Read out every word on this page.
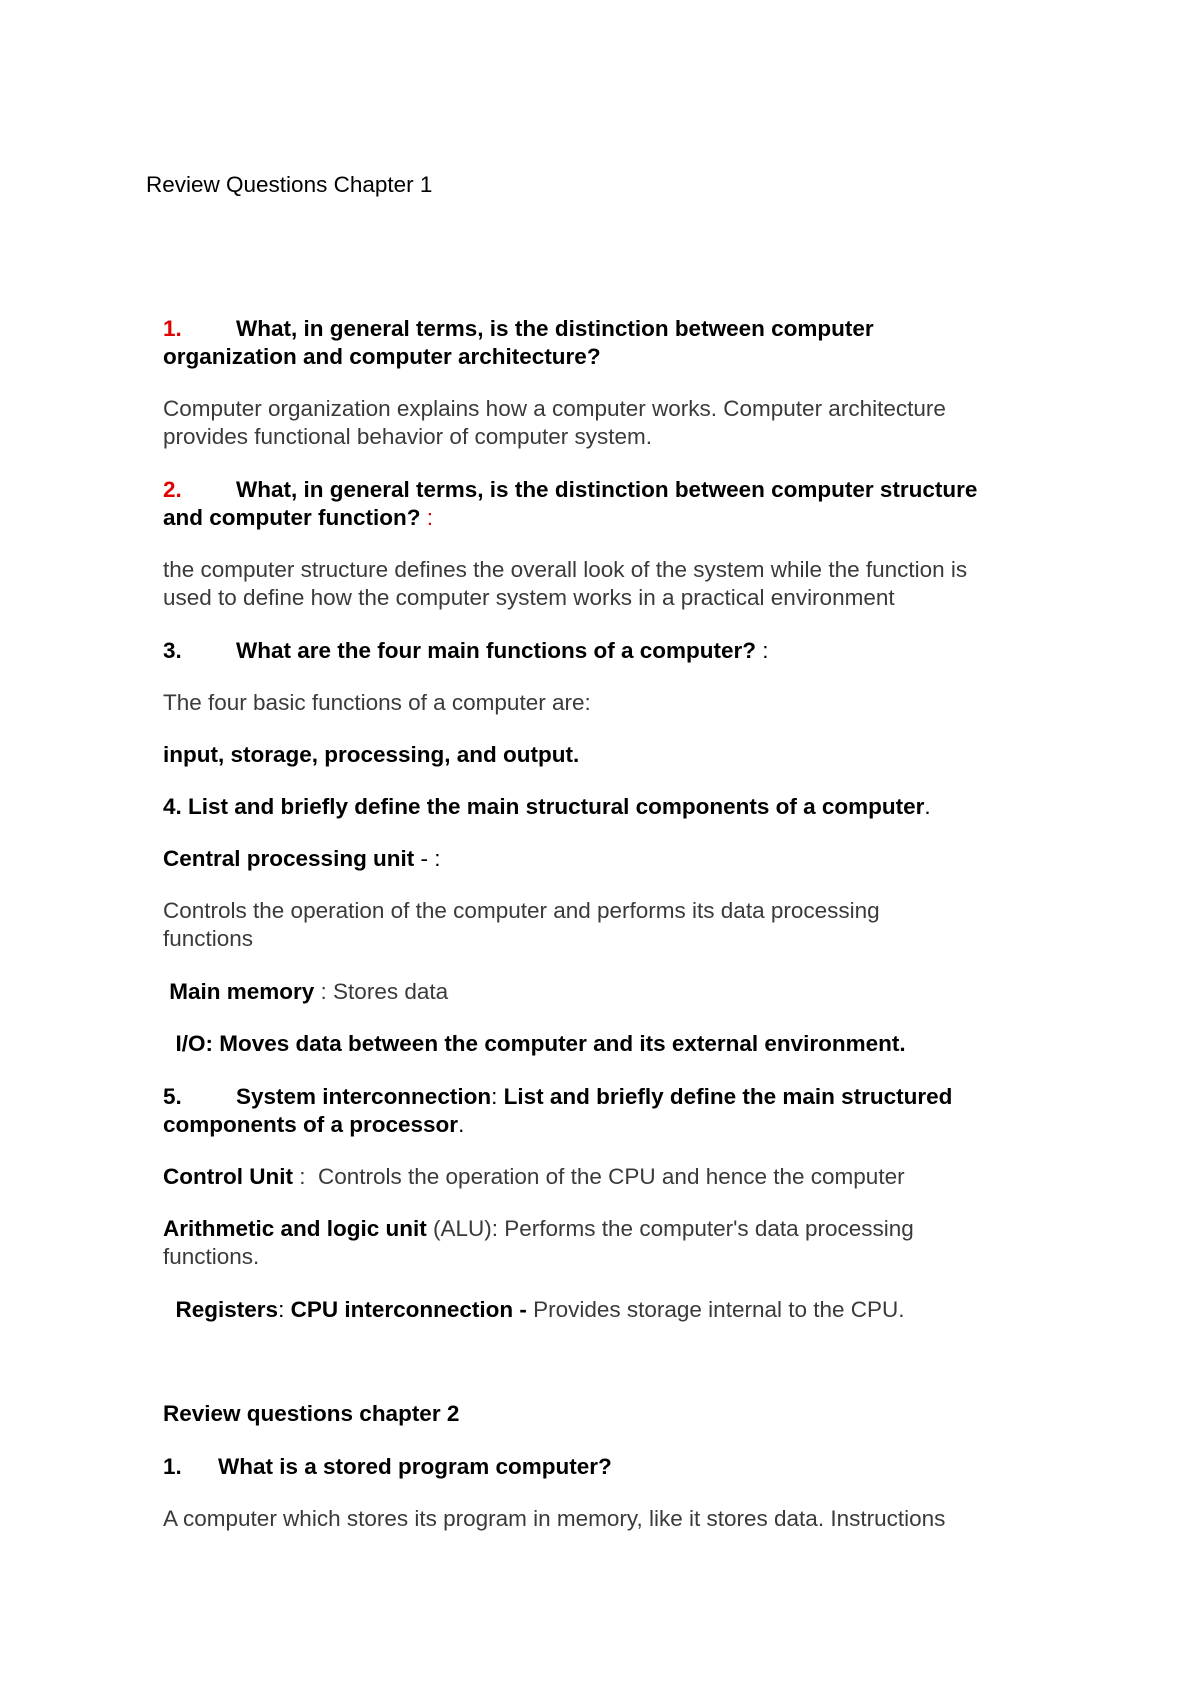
Review Questions Chapter 1

1. What, in general terms, is the distinction between computer

organization and computer architecture?

Computer organization explains how a computer works. Computer architecture

provides functional behavior of computer system.

2. What, in general terms, is the distinction between computer structure

and computer function? :

the computer structure defines the overall look of the system while the function is

used to define how the computer system works in a practical environment

3. What are the four main functions of a computer? :

The four basic functions of a computer are:

input, storage, processing, and output.

4. List and briefly define the main structural components of a computer.

Central processing unit - :

Controls the operation of the computer and performs its data processing

functions

Main memory : Stores data

I/O: Moves data between the computer and its external environment.

5. System interconnection: List and briefly define the main structured

components of a processor.

Control Unit :  Controls the operation of the CPU and hence the computer

Arithmetic and logic unit (ALU): Performs the computer's data processing

functions.

Registers: CPU interconnection - Provides storage internal to the CPU.

Review questions chapter 2

1. What is a stored program computer?

A computer which stores its program in memory, like it stores data. Instructions
